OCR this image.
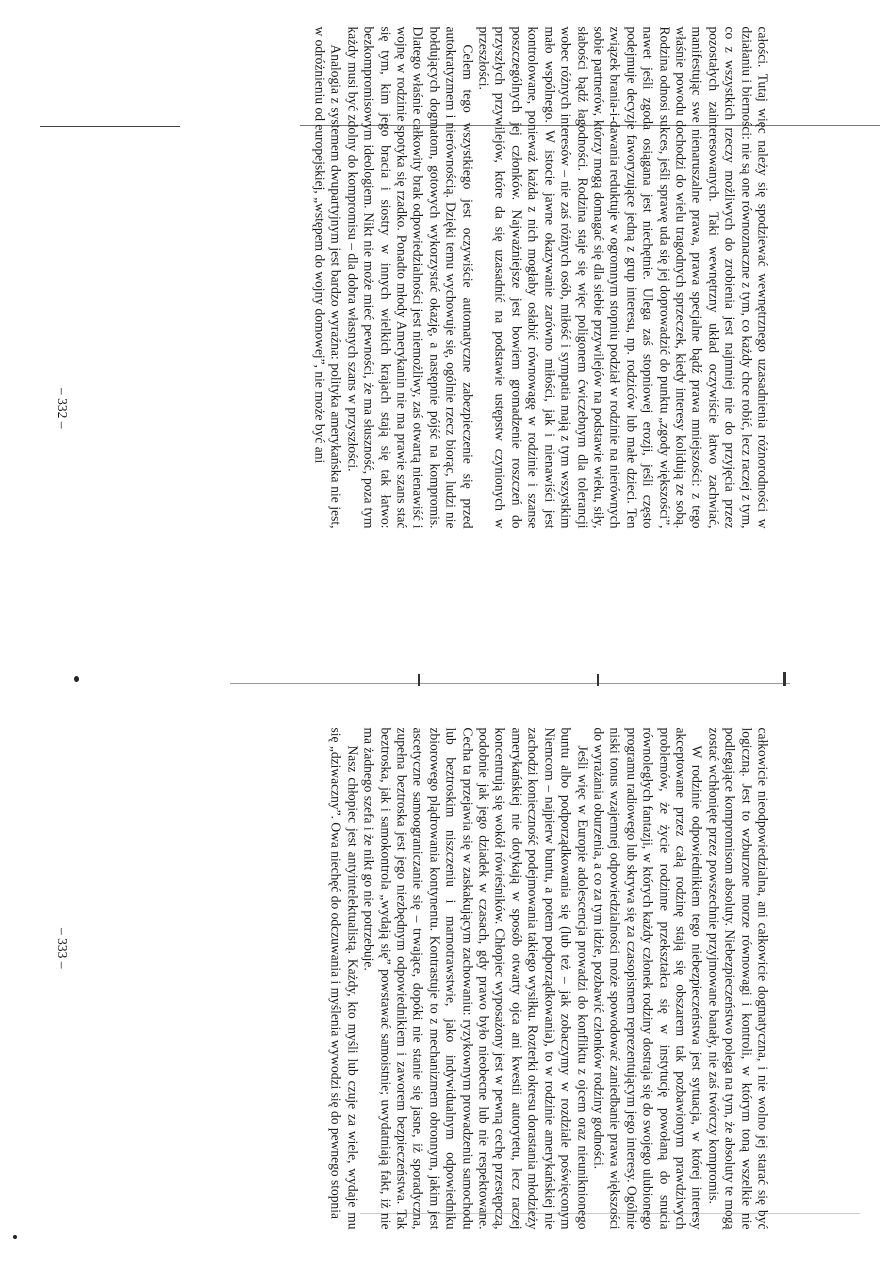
całości. Tutaj więc należy się spodziewać wewnętrznego uzasadnienia różnorodności w działaniu i bierności: nie są one równoznaczne z tym, co każdy chce robić, lecz raczej z tym, co z wszystkich rzeczy możliwych do zrobienia jest najmniej nie do przyjęcia przez pozostałych zainteresowanych. Taki wewnętrzny układ oczywiście łatwo zachwiać, manifestując swe nienaruszalne prawa, prawa specjalne bądź prawa mniejszości: z tego właśnie powodu dochodzi do wielu tragodnych sprzeczek, kiedy interesy kolidują ze sobą. Rodzina odnosi sukces, jeśli sprawę uda się jej doprowadzić do punktu „zgody większości”, nawet jeśli zgoda osiągana jest niechętnie. Ulega zaś stopniowej erozji, jeśli często podejmuje decyzje faworyzujące jedną z grup interesu, np. rodziców lub małe dzieci. Ten związek brania-i-dawania reduktuje w ogromnym stopniu podział w rodzinie na nierównych sobie partnerów, którzy mogą domagać się dla siebie przywilejów na podstawie wieku, siły, słabości bądź łagodności. Rodzina staje się więc poligonem ćwiczebnym dla tolerancji wobec różnych interesów – nie zaś różnych osób, miłość i sympatia mają z tym wszystkim mało wspólnego. W istocie jawne okazywanie zarówno miłości, jak i nienawiści jest kontrolowane, ponieważ każda z nich mogłaby osłabić równowagę w rodzinie i szanse poszczególnych jej członków. Najważniejsze jest bowiem gromadzenie roszczeń do przyszłych przywilejów, które da się uzasadnić na podstawie ustępstw czynionych w przeszłości.

Celem tego wszystkiego jest oczywiście automatyczne zabezpieczenie się przed autokratyzmem i nierównością. Dzięki temu wychowuje się, ogólnie rzecz biorąc, ludzi nie hołdujących dogmatom, gotowych wykorzystać okazję, a następnie pójść na kompromis. Dlatego właśnie całkowity brak odpowiedzialności jest niemożliwy, zaś otwartą nienawiść i wojnę w rodzinie spotyka się rzadko. Ponadto młody Amerykanin nie ma prawie szans stać się tym, kim jego bracia i siostry w innych wielkich krajach stają się tak łatwo: bezkompromisowym ideologiem. Nikt nie może mieć pewności, że ma słuszność, poza tym każdy musi być zdolny do kompromisu – dla dobra własnych szans w przyszłości.

Analogia z systemem dwupartyjnym jest bardzo wyraźna: polityka amerykańska nie jest, w odróżnieniu od europejskiej, „wstępem do wojny domowej”, nie może być ani

– 332 –

całkowicie nieodpowiedzialna, ani całkowicie dogmatyczna, i nie wolno jej starać się być logiczną. Jest to wzburzone morze równowagi i kontroli, w którym toną wszelkie nie podlegające kompromisom absoluty. Niebezpieczeństwo polega na tym, że absoluty te mogą zostać wchłonięte przez powszechnie przyjmowane banały, nie zaś twórczy kompromis.

W rodzinie odpowiednikiem tego niebezpieczeństwa jest sytuacja, w której interesy akceptowane przez całą rodzinę stają się obszarem tak pozbawionym prawdziwych problemów, że życie rodzinne przekształca się w instytucję powołaną do snucia równoległych fantazji, w których każdy członek rodziny dostraja się do swojego ulubionego programu radiowego lub skrywa się za czasopismem reprezentującym jego interesy. Ogólnie niski tonus wzajemnej odpowiedzialności może spowodować zaniedbanie prawa większości do wyrażania oburzenia, a co za tym idzie, pozbawić członków rodziny godności.

Jeśli więc w Europie adolescencja prowadzi do konfliktu z ojcem oraz nieuniknionego buntu albo podporządkowania się (lub też – jak zobaczymy w rozdziale poświęconym Niemcom – najpierw buntu, a potem podporządkowania), to w rodzinie amerykańskiej nie zachodzi konieczność podejmowania takiego wysiłku. Rozterki okresu dorastania młodzieży amerykańskiej nie dotykają w sposób otwarty ojca ani kwestii autorytetu, lecz raczej koncentrują się wokół rówieśników. Chłopiec wyposażony jest w pewną cechę przestępczą, podobnie jak jego dziadek w czasach, gdy prawo było nieobecne lub nie respektowane. Cecha ta przejawia się w zaskakującym zachowaniu: ryzykownym prowadzeniu samochodu lub beztroskim niszczeniu i marnotrawstwie, jako indywidualnym odpowiedniku zbiorowego plądrowania kontynentu. Kontrastuje to z mechanizmem obronnym, jakim jest ascetyczne samoograniczanie się – trwające, dopóki nie stanie się jasne, iż sporadyczna, zupełna beztroska jest jego niezbędnym odpowiednikiem i zaworem bezpieczeństwa. Tak beztroska, jak i samokontrola „wydają się” powstawać samoistnie; uwydatniają fakt, iż nie ma żadnego szefa i że nikt go nie potrzebuje.

Nasz chłopiec jest antyintelektualistą. Każdy, kto myśli lub czuje za wiele, wydaje mu się „dziwaczny”. Owa niechęć do odczuwania i myślenia wywodzi się do pewnego stopnia

– 333 –
